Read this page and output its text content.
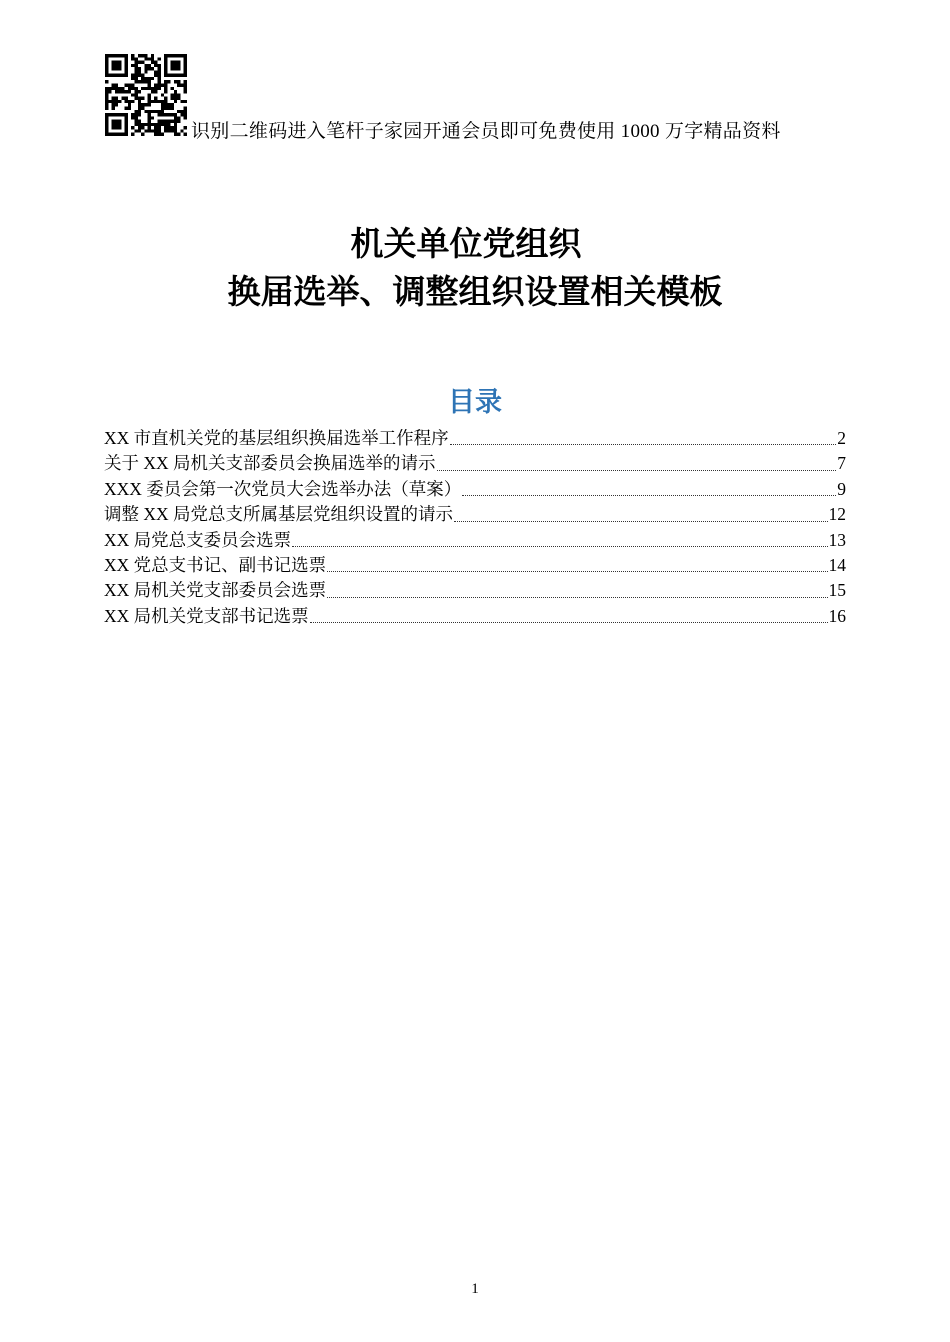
识别二维码进入笔杆子家园开通会员即可免费使用 1000 万字精品资料
机关单位党组织
换届选举、调整组织设置相关模板
目录
XX 市直机关党的基层组织换届选举工作程序	2
关于 XX 局机关支部委员会换届选举的请示	7
XXX 委员会第一次党员大会选举办法（草案）	9
调整 XX 局党总支所属基层党组织设置的请示	12
XX 局党总支委员会选票	13
XX 党总支书记、副书记选票	14
XX 局机关党支部委员会选票	15
XX 局机关党支部书记选票	16
1
